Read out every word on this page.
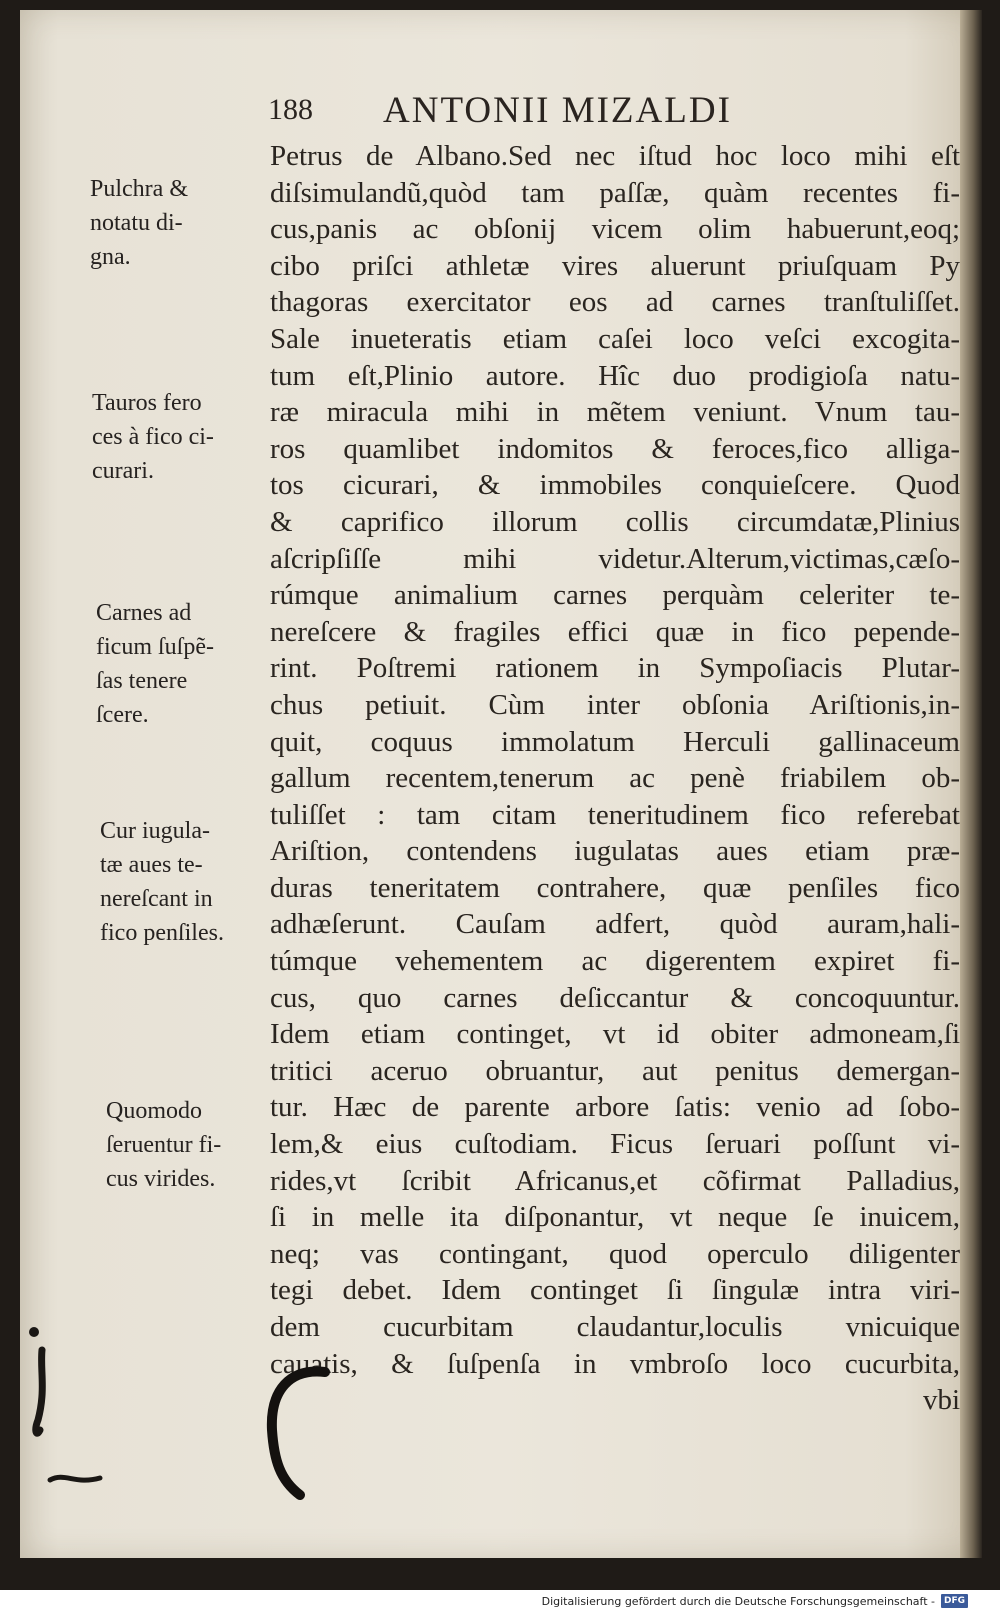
188 ANTONII MIZALDI
Petrus de Albano.Sed nec iſtud hoc loco mihi eſt
diſsimulandũ,quòd tam paſſæ, quàm recentes fi-
cus,panis ac obſonij vicem olim habuerunt,eoq;
cibo priſci athletæ vires aluerunt priuſquam Py
thagoras exercitator eos ad carnes tranſtuliſſet.
Sale inueteratis etiam caſei loco veſci excogita-
tum eſt,Plinio autore. Hîc duo prodigioſa natu-
ræ miracula mihi in mẽtem veniunt. Vnum tau-
ros quamlibet indomitos & feroces,fico alliga-
tos cicurari, & immobiles conquieſcere. Quod
& caprifico illorum collis circumdatæ,Plinius
aſcripſiſſe mihi videtur.Alterum,victimas,cæſo-
rúmque animalium carnes perquàm celeriter te-
nereſcere & fragiles effici quæ in fico pepende-
rint. Poſtremi rationem in Sympoſiacis Plutar-
chus petiuit. Cùm inter obſonia Ariſtionis,in-
quit, coquus immolatum Herculi gallinaceum
gallum recentem,tenerum ac penè friabilem ob-
tuliſſet : tam citam teneritudinem fico referebat
Ariſtion, contendens iugulatas aues etiam præ-
duras teneritatem contrahere, quæ penſiles fico
adhæſerunt. Cauſam adfert, quòd auram,hali-
túmque vehementem ac digerentem expiret fi-
cus, quo carnes deſiccantur & concoquuntur.
Idem etiam continget, vt id obiter admoneam,ſi
tritici aceruo obruantur, aut penitus demergan-
tur. Hæc de parente arbore ſatis: venio ad ſobo-
lem,& eius cuſtodiam. Ficus ſeruari poſſunt vi-
rides,vt ſcribit Africanus,et cõfirmat Palladius,
ſi in melle ita diſponantur, vt neque ſe inuicem,
neq; vas contingant, quod operculo diligenter
tegi debet. Idem continget ſi ſingulæ intra viri-
dem cucurbitam claudantur,loculis vnicuique
cauatis, & ſuſpenſa in vmbroſo loco cucurbita,
vbi
Pulchra &
notatu di-
gna.
Tauros fero
ces à fico ci-
curari.
Carnes ad
ficum ſuſpẽ-
ſas tenere
ſcere.
Cur iugula-
tæ aues te-
nereſcant in
fico penſiles.
Quomodo
ſeruentur fi-
cus virides.
Digitalisierung gefördert durch die Deutsche Forschungsgemeinschaft -	DFG
